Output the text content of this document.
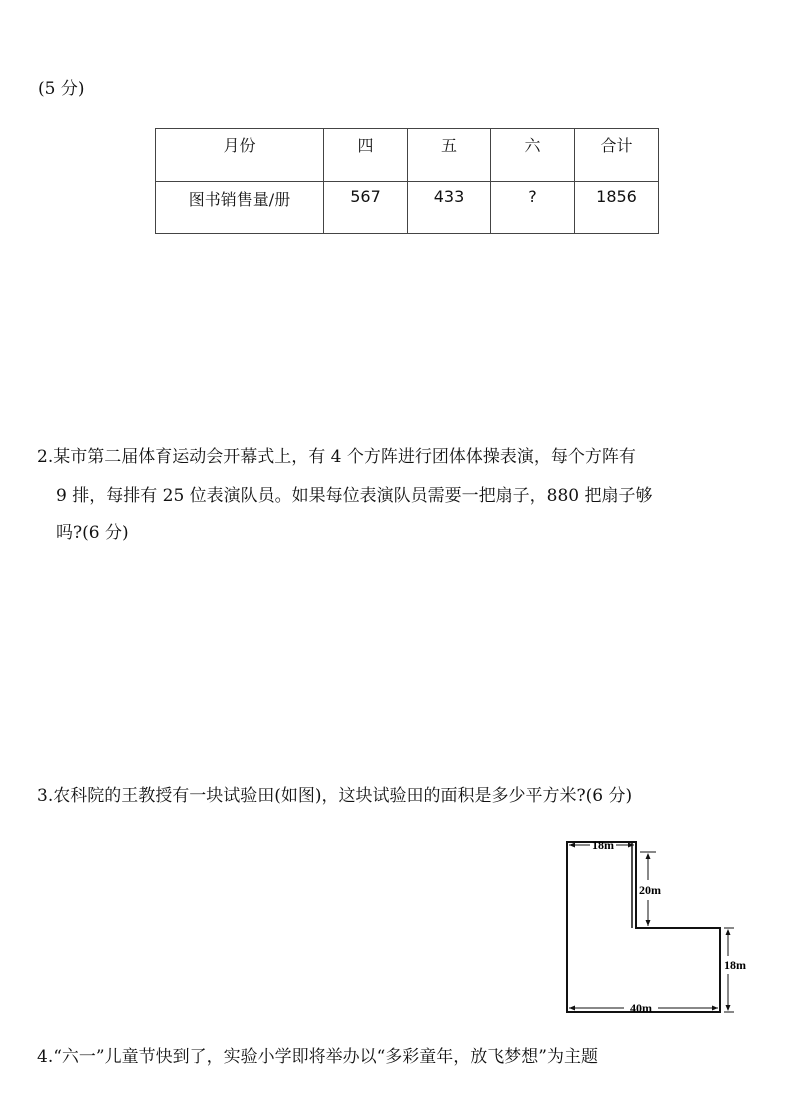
(5 分)
月份	四	五	六	合计
图书销售量/册	567	433	?	1856
2.某市第二届体育运动会开幕式上，有 4 个方阵进行团体体操表演，每个方阵有
9 排，每排有 25 位表演队员。如果每位表演队员需要一把扇子，880 把扇子够
吗?(6 分)
3.农科院的王教授有一块试验田(如图)，这块试验田的面积是多少平方米?(6 分)
18m
20m
18m
40m
4.“六一”儿童节快到了，实验小学即将举办以“多彩童年，放飞梦想”为主题
